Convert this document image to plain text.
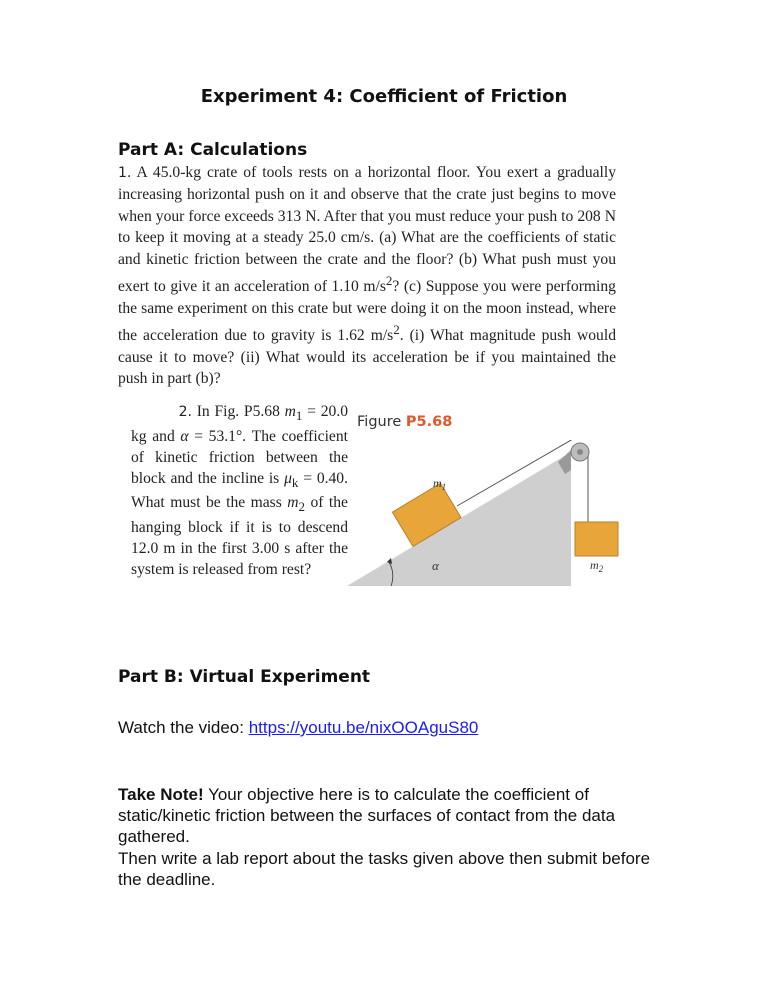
Experiment 4: Coefficient of Friction
Part A: Calculations
1. A 45.0-kg crate of tools rests on a horizontal floor. You exert a gradually increasing horizontal push on it and observe that the crate just begins to move when your force exceeds 313 N. After that you must reduce your push to 208 N to keep it moving at a steady 25.0 cm/s. (a) What are the coefficients of static and kinetic friction between the crate and the floor? (b) What push must you exert to give it an acceleration of 1.10 $m/s^2$? (c) Suppose you were performing the same experiment on this crate but were doing it on the moon instead, where the acceleration due to gravity is 1.62 $m/s^2$. (i) What magnitude push would cause it to move? (ii) What would its acceleration be if you maintained the push in part (b)?
2. In Fig. P5.68 $m_1 = 20.0$ kg and α = 53.1°. The coefficient of kinetic friction between the block and the incline is $\mu_k = 0.40$. What must be the mass $m_2$ of the hanging block if it is to descend 12.0 m in the first 3.00 s after the system is released from rest?
Figure P5.68
α
$m_1$
$m_2$
Part B: Virtual Experiment
Watch the video: https://youtu.be/nixOOAguS80
Take Note! Your objective here is to calculate the coefficient of static/kinetic friction between the surfaces of contact from the data gathered.
Then write a lab report about the tasks given above then submit before the deadline.
